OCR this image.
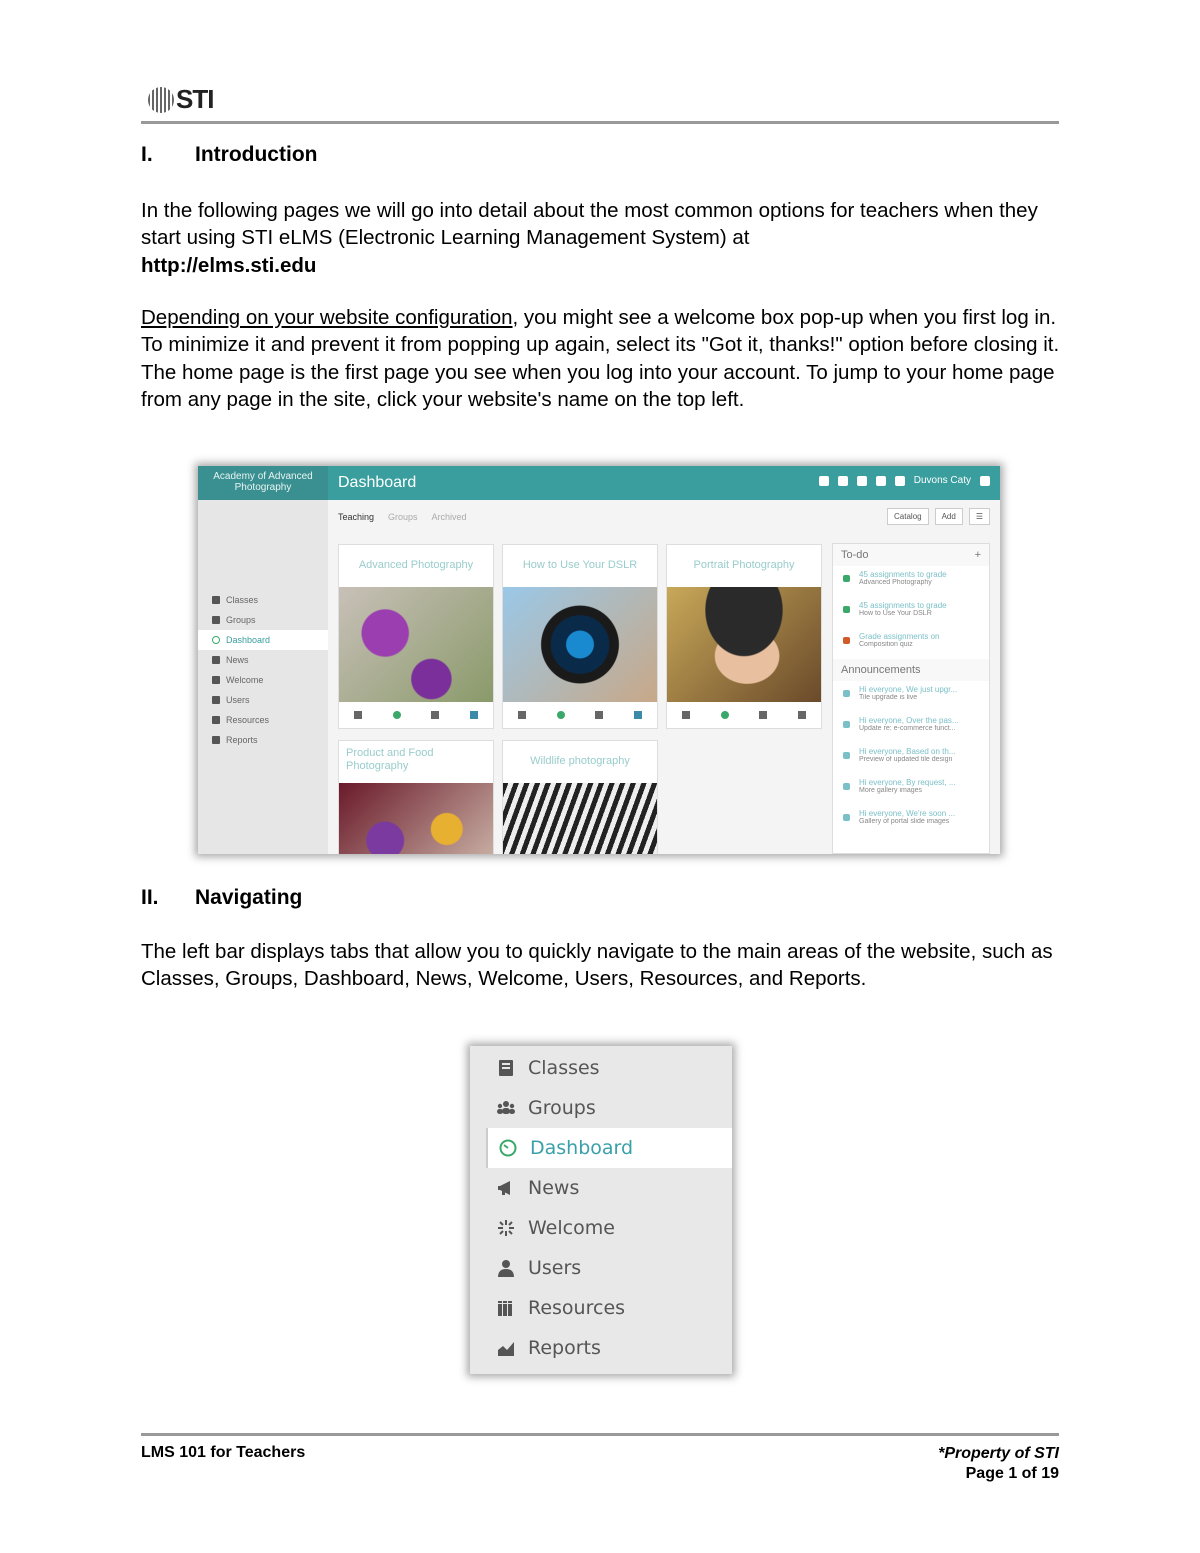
STI
I.	Introduction

In the following pages we will go into detail about the most common options for teachers when they start using STI eLMS (Electronic Learning Management System) at
http://elms.sti.edu

Depending on your website configuration, you might see a welcome box pop-up when you first log in. To minimize it and prevent it from popping up again, select its "Got it, thanks!" option before closing it. The home page is the first page you see when you log into your account. To jump to your home page from any page in the site, click your website's name on the top left.

Academy of Advanced Photography	Dashboard	Duvons Caty
Classes
Groups
Dashboard
News
Welcome
Users
Resources
Reports
Teaching Groups Archived	Catalog	Add	☰
Advanced Photography	How to Use Your DSLR	Portrait Photography
Product and Food Photography	Wildlife photography
To-do	+
45 assignments to grade
Advanced Photography
45 assignments to grade
How to Use Your DSLR
Grade assignments on
Composition quiz
Announcements
Hi everyone, We just upgr...
Tile upgrade is live
Hi everyone, Over the pas...
Update re: e-commerce funct...
Hi everyone, Based on th...
Preview of updated tile design
Hi everyone, By request, ...
More gallery images
Hi everyone, We're soon ...
Gallery of portal slide images
II.	Navigating

The left bar displays tabs that allow you to quickly navigate to the main areas of the website, such as Classes, Groups, Dashboard, News, Welcome, Users, Resources, and Reports.

Classes
Groups
Dashboard
News
Welcome
Users
Resources
Reports
LMS 101 for Teachers	*Property of STI
Page 1 of 19
